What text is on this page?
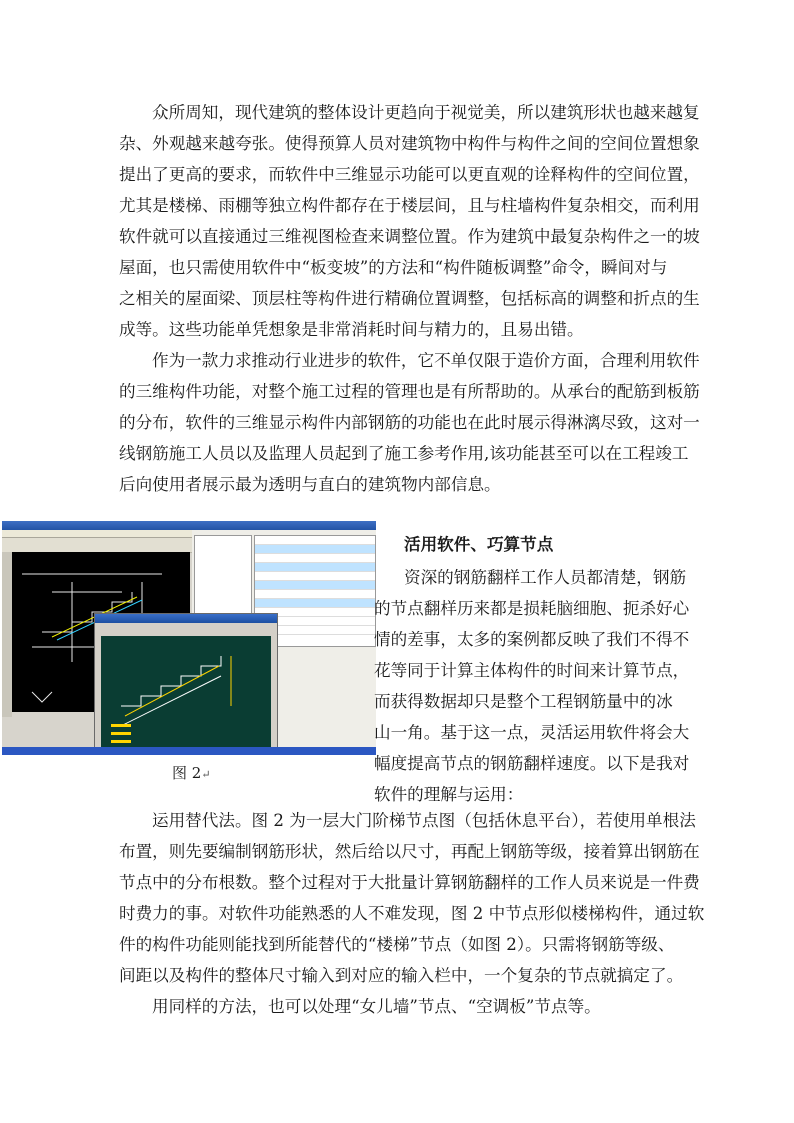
众所周知，现代建筑的整体设计更趋向于视觉美，所以建筑形状也越来越复
杂、外观越来越夸张。使得预算人员对建筑物中构件与构件之间的空间位置想象
提出了更高的要求，而软件中三维显示功能可以更直观的诠释构件的空间位置，
尤其是楼梯、雨棚等独立构件都存在于楼层间，且与柱墙构件复杂相交，而利用
软件就可以直接通过三维视图检查来调整位置。作为建筑中最复杂构件之一的坡
屋面，也只需使用软件中“板变坡”的方法和“构件随板调整”命令，瞬间对与
之相关的屋面梁、顶层柱等构件进行精确位置调整，包括标高的调整和折点的生
成等。这些功能单凭想象是非常消耗时间与精力的，且易出错。
作为一款力求推动行业进步的软件，它不单仅限于造价方面，合理利用软件
的三维构件功能，对整个施工过程的管理也是有所帮助的。从承台的配筋到板筋
的分布，软件的三维显示构件内部钢筋的功能也在此时展示得淋漓尽致，这对一
线钢筋施工人员以及监理人员起到了施工参考作用,该功能甚至可以在工程竣工
后向使用者展示最为透明与直白的建筑物内部信息。
图 2↵
活用软件、巧算节点
资深的钢筋翻样工作人员都清楚，钢筋
的节点翻样历来都是损耗脑细胞、扼杀好心
情的差事，太多的案例都反映了我们不得不
花等同于计算主体构件的时间来计算节点，
而获得数据却只是整个工程钢筋量中的冰
山一角。基于这一点，灵活运用软件将会大
幅度提高节点的钢筋翻样速度。以下是我对
软件的理解与运用：
运用替代法。图 2 为一层大门阶梯节点图（包括休息平台），若使用单根法
布置，则先要编制钢筋形状，然后给以尺寸，再配上钢筋等级，接着算出钢筋在
节点中的分布根数。整个过程对于大批量计算钢筋翻样的工作人员来说是一件费
时费力的事。对软件功能熟悉的人不难发现，图 2 中节点形似楼梯构件，通过软
件的构件功能则能找到所能替代的“楼梯”节点（如图 2）。只需将钢筋等级、
间距以及构件的整体尺寸输入到对应的输入栏中，一个复杂的节点就搞定了。
用同样的方法，也可以处理“女儿墙”节点、“空调板”节点等。
